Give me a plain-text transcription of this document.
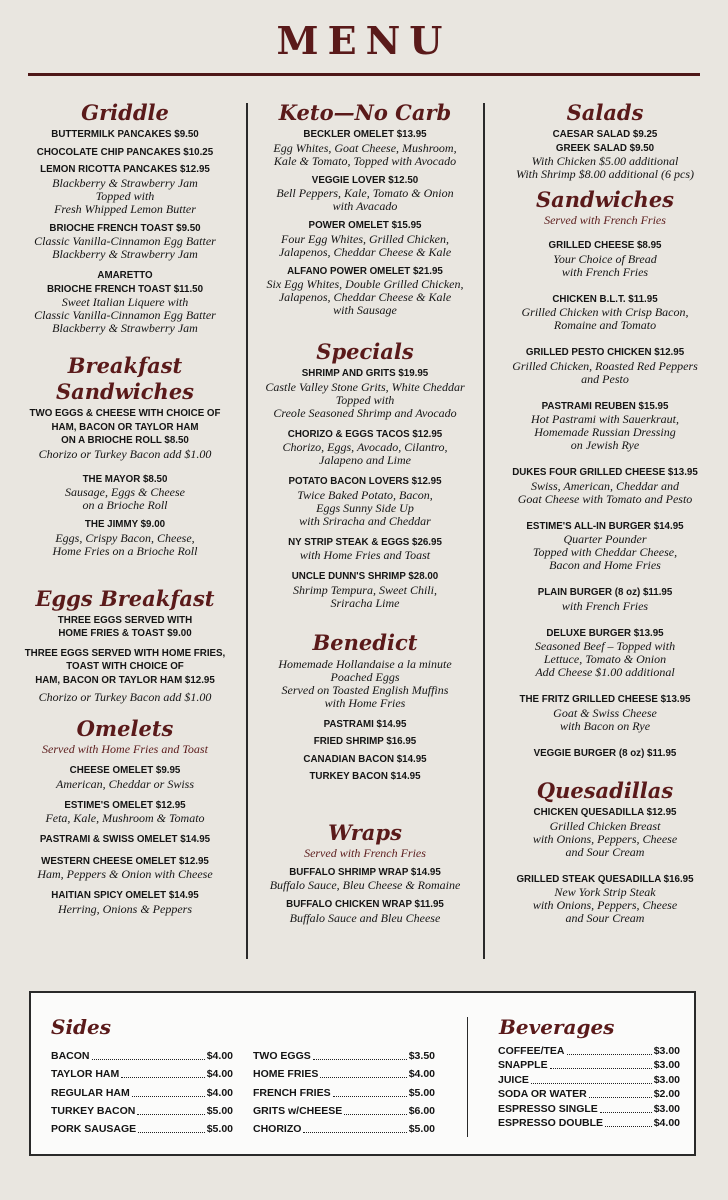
MENU
Griddle
BUTTERMILK PANCAKES $9.50
CHOCOLATE CHIP PANCAKES $10.25
LEMON RICOTTA PANCAKES $12.95
Blackberry & Strawberry Jam
Topped with
Fresh Whipped Lemon Butter
BRIOCHE FRENCH TOAST $9.50
Classic Vanilla-Cinnamon Egg Batter
Blackberry & Strawberry Jam
AMARETTO
BRIOCHE FRENCH TOAST $11.50
Sweet Italian Liquere with
Classic Vanilla-Cinnamon Egg Batter
Blackberry & Strawberry Jam
Breakfast Sandwiches
TWO EGGS & CHEESE WITH CHOICE OF
HAM, BACON OR TAYLOR HAM
ON A BRIOCHE ROLL $8.50
Chorizo or Turkey Bacon add $1.00
THE MAYOR $8.50
Sausage, Eggs & Cheese
on a Brioche Roll
THE JIMMY $9.00
Eggs, Crispy Bacon, Cheese,
Home Fries on a Brioche Roll
Eggs Breakfast
THREE EGGS SERVED WITH
HOME FRIES & TOAST $9.00
THREE EGGS SERVED WITH HOME FRIES,
TOAST WITH CHOICE OF
HAM, BACON OR TAYLOR HAM $12.95
Chorizo or Turkey Bacon add $1.00
Omelets
Served with Home Fries and Toast
CHEESE OMELET $9.95
American, Cheddar or Swiss
ESTIME'S OMELET $12.95
Feta, Kale, Mushroom & Tomato
PASTRAMI & SWISS OMELET $14.95
WESTERN CHEESE OMELET $12.95
Ham, Peppers & Onion with Cheese
HAITIAN SPICY OMELET $14.95
Herring, Onions & Peppers
Keto—No Carb
BECKLER OMELET $13.95
Egg Whites, Goat Cheese, Mushroom,
Kale & Tomato, Topped with Avocado
VEGGIE LOVER $12.50
Bell Peppers, Kale, Tomato & Onion
with Avacado
POWER OMELET $15.95
Four Egg Whites, Grilled Chicken,
Jalapenos, Cheddar Cheese & Kale
ALFANO POWER OMELET $21.95
Six Egg Whites, Double Grilled Chicken,
Jalapenos, Cheddar Cheese & Kale
with Sausage
Specials
SHRIMP AND GRITS $19.95
Castle Valley Stone Grits, White Cheddar
Topped with
Creole Seasoned Shrimp and Avocado
CHORIZO & EGGS TACOS $12.95
Chorizo, Eggs, Avocado, Cilantro,
Jalapeno and Lime
POTATO BACON LOVERS $12.95
Twice Baked Potato, Bacon,
Eggs Sunny Side Up
with Sriracha and Cheddar
NY STRIP STEAK & EGGS $26.95
with Home Fries and Toast
UNCLE DUNN'S SHRIMP $28.00
Shrimp Tempura, Sweet Chili,
Sriracha Lime
Benedict
Homemade Hollandaise a la minute
Poached Eggs
Served on Toasted English Muffins
with Home Fries
PASTRAMI $14.95
FRIED SHRIMP $16.95
CANADIAN BACON $14.95
TURKEY BACON $14.95
Wraps
Served with French Fries
BUFFALO SHRIMP WRAP $14.95
Buffalo Sauce, Bleu Cheese & Romaine
BUFFALO CHICKEN WRAP $11.95
Buffalo Sauce and Bleu Cheese
Salads
CAESAR SALAD $9.25
GREEK SALAD $9.50
With Chicken $5.00 additional
With Shrimp $8.00 additional (6 pcs)
Sandwiches
Served with French Fries
GRILLED CHEESE $8.95
Your Choice of Bread
with French Fries
CHICKEN B.L.T. $11.95
Grilled Chicken with Crisp Bacon,
Romaine and Tomato
GRILLED PESTO CHICKEN $12.95
Grilled Chicken, Roasted Red Peppers
and Pesto
PASTRAMI REUBEN $15.95
Hot Pastrami with Sauerkraut,
Homemade Russian Dressing
on Jewish Rye
DUKES FOUR GRILLED CHEESE $13.95
Swiss, American, Cheddar and
Goat Cheese with Tomato and Pesto
ESTIME'S ALL-IN BURGER $14.95
Quarter Pounder
Topped with Cheddar Cheese,
Bacon and Home Fries
PLAIN BURGER (8 oz) $11.95
with French Fries
DELUXE BURGER $13.95
Seasoned Beef – Topped with
Lettuce, Tomato & Onion
Add Cheese $1.00 additional
THE FRITZ GRILLED CHEESE $13.95
Goat & Swiss Cheese
with Bacon on Rye
VEGGIE BURGER (8 oz) $11.95
Quesadillas
CHICKEN QUESADILLA $12.95
Grilled Chicken Breast
with Onions, Peppers, Cheese
and Sour Cream
GRILLED STEAK QUESADILLA $16.95
New York Strip Steak
with Onions, Peppers, Cheese
and Sour Cream
Sides
BACON	$4.00
TAYLOR HAM	$4.00
REGULAR HAM	$4.00
TURKEY BACON	$5.00
PORK SAUSAGE	$5.00
TWO EGGS	$3.50
HOME FRIES	$4.00
FRENCH FRIES	$5.00
GRITS w/CHEESE	$6.00
CHORIZO	$5.00
Beverages
COFFEE/TEA	$3.00
SNAPPLE	$3.00
JUICE	$3.00
SODA OR WATER	$2.00
ESPRESSO SINGLE	$3.00
ESPRESSO DOUBLE	$4.00
